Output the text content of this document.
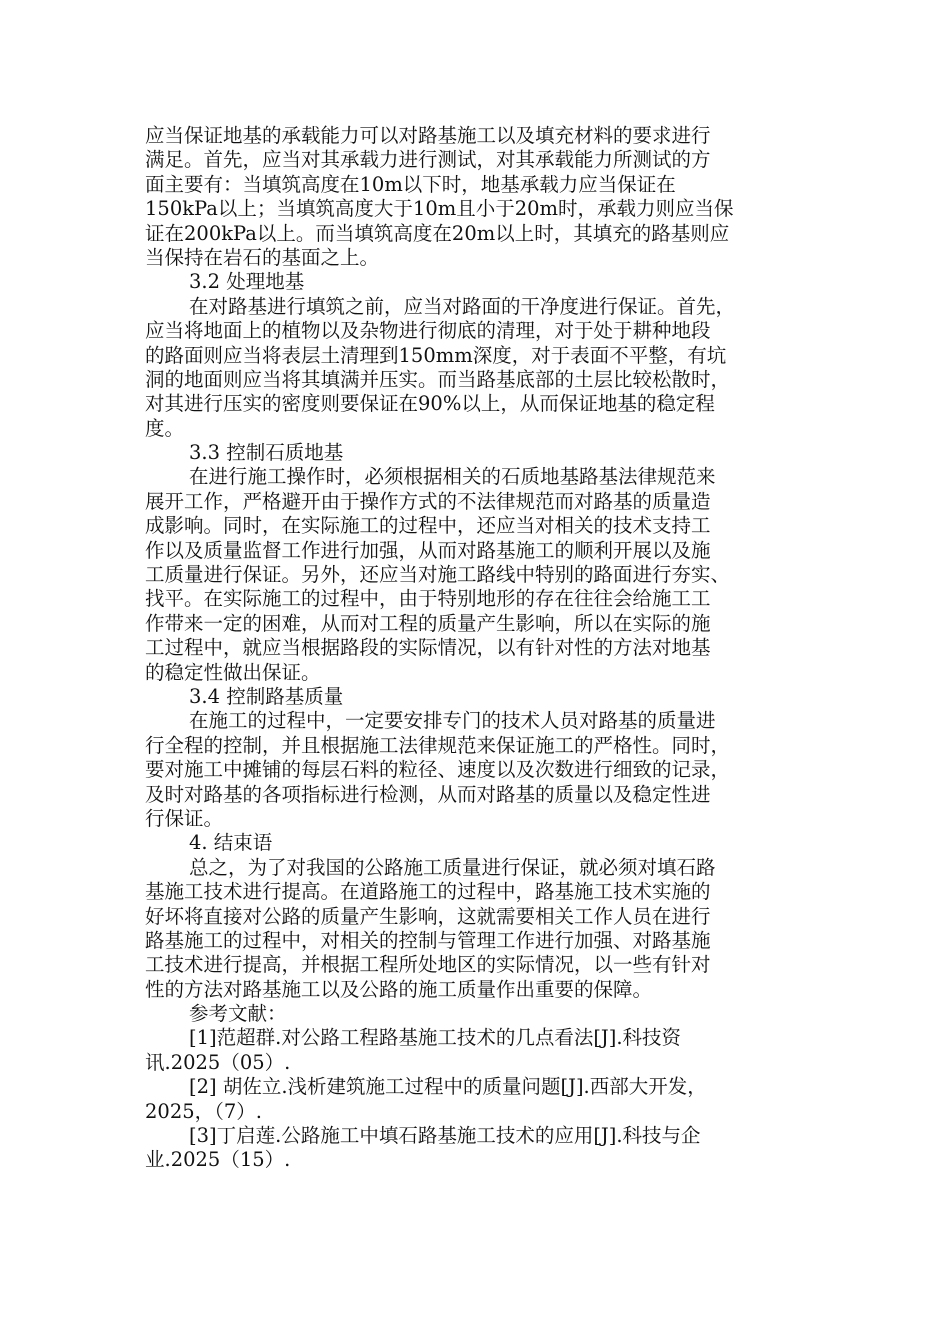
应当保证地基的承载能力可以对路基施工以及填充材料的要求进行
满足。首先，应当对其承载力进行测试，对其承载能力所测试的方
面主要有：当填筑高度在10m以下时，地基承载力应当保证在
150kPa以上；当填筑高度大于10m且小于20m时，承载力则应当保
证在200kPa以上。而当填筑高度在20m以上时，其填充的路基则应
当保持在岩石的基面之上。
3.2 处理地基
在对路基进行填筑之前，应当对路面的干净度进行保证。首先，
应当将地面上的植物以及杂物进行彻底的清理，对于处于耕种地段
的路面则应当将表层土清理到150mm深度，对于表面不平整，有坑
洞的地面则应当将其填满并压实。而当路基底部的土层比较松散时，
对其进行压实的密度则要保证在90%以上，从而保证地基的稳定程
度。
3.3 控制石质地基
在进行施工操作时，必须根据相关的石质地基路基法律规范来
展开工作，严格避开由于操作方式的不法律规范而对路基的质量造
成影响。同时，在实际施工的过程中，还应当对相关的技术支持工
作以及质量监督工作进行加强，从而对路基施工的顺利开展以及施
工质量进行保证。另外，还应当对施工路线中特别的路面进行夯实、
找平。在实际施工的过程中，由于特别地形的存在往往会给施工工
作带来一定的困难，从而对工程的质量产生影响，所以在实际的施
工过程中，就应当根据路段的实际情况，以有针对性的方法对地基
的稳定性做出保证。
3.4 控制路基质量
在施工的过程中，一定要安排专门的技术人员对路基的质量进
行全程的控制，并且根据施工法律规范来保证施工的严格性。同时，
要对施工中摊铺的每层石料的粒径、速度以及次数进行细致的记录，
及时对路基的各项指标进行检测，从而对路基的质量以及稳定性进
行保证。
4. 结束语
总之，为了对我国的公路施工质量进行保证，就必须对填石路
基施工技术进行提高。在道路施工的过程中，路基施工技术实施的
好坏将直接对公路的质量产生影响，这就需要相关工作人员在进行
路基施工的过程中，对相关的控制与管理工作进行加强、对路基施
工技术进行提高，并根据工程所处地区的实际情况，以一些有针对
性的方法对路基施工以及公路的施工质量作出重要的保障。
参考文献：
[1]范超群.对公路工程路基施工技术的几点看法[J].科技资
讯.2025（05）.
[2] 胡佐立.浅析建筑施工过程中的质量问题[J].西部大开发，
2025，（7）.
[3]丁启莲.公路施工中填石路基施工技术的应用[J].科技与企
业.2025（15）.
